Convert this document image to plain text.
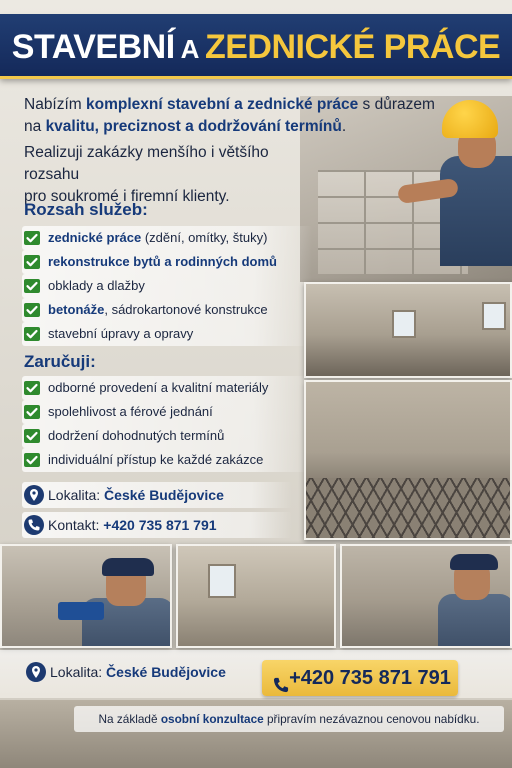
STAVEBNÍ A ZEDNICKÉ PRÁCE
Nabízím komplexní stavební a zednické práce s důrazem
na kvalitu, preciznost a dodržování termínů.
Realizuji zakázky menšího i většího rozsahu
pro soukromé i firemní klienty.
Rozsah služeb:
zednické práce (zdění, omítky, štuky)
rekonstrukce bytů a rodinných domů
obklady a dlažby
betonáže, sádrokartonové konstrukce
stavební úpravy a opravy
Zaručuji:
odborné provedení a kvalitní materiály
spolehlivost a férové jednání
dodržení dohodnutých termínů
individuální přístup ke každé zakázce
Lokalita: České Budějovice
Kontakt: +420 735 871 791
Lokalita: České Budějovice	+420 735 871 791
Na základě osobní konzultace připravím nezávaznou cenovou nabídku.
